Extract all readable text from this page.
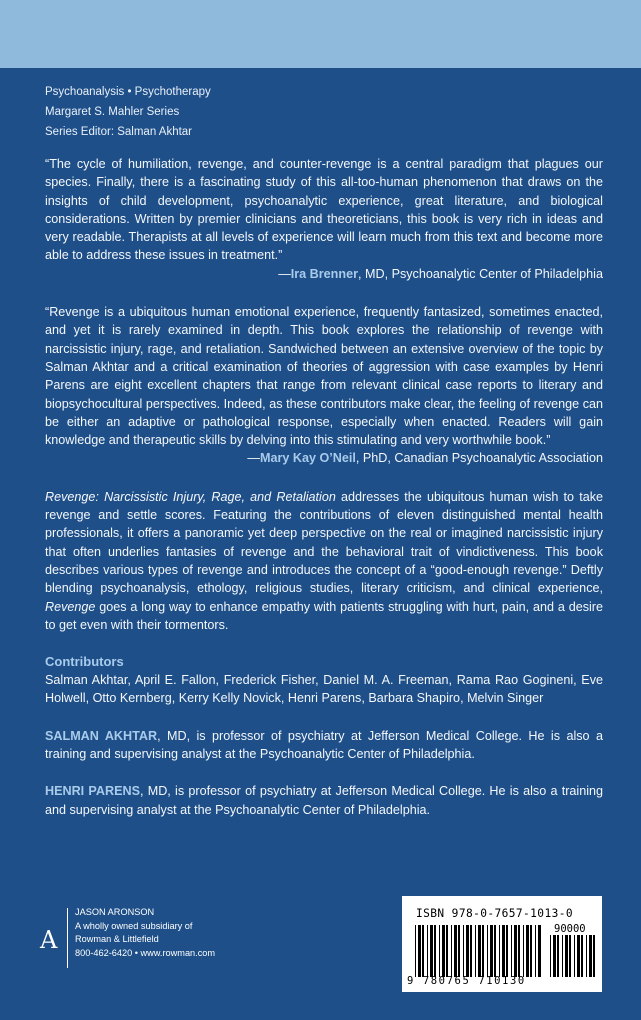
Psychoanalysis • Psychotherapy
Margaret S. Mahler Series
Series Editor: Salman Akhtar

“The cycle of humiliation, revenge, and counter-revenge is a central paradigm that plagues our species. Finally, there is a fascinating study of this all-too-human phenomenon that draws on the insights of child development, psychoanalytic experience, great literature, and biological considerations. Written by premier clinicians and theoreticians, this book is very rich in ideas and very readable. Therapists at all levels of experience will learn much from this text and become more able to address these issues in treatment.”

—Ira Brenner, MD, Psychoanalytic Center of Philadelphia

“Revenge is a ubiquitous human emotional experience, frequently fantasized, sometimes enacted, and yet it is rarely examined in depth. This book explores the relationship of revenge with narcissistic injury, rage, and retaliation. Sandwiched between an extensive overview of the topic by Salman Akhtar and a critical examination of theories of aggression with case examples by Henri Parens are eight excellent chapters that range from relevant clinical case reports to literary and biopsychocultural perspectives. Indeed, as these contributors make clear, the feeling of revenge can be either an adaptive or pathological response, especially when enacted. Readers will gain knowledge and therapeutic skills by delving into this stimulating and very worthwhile book.”

—Mary Kay O’Neil, PhD, Canadian Psychoanalytic Association

Revenge: Narcissistic Injury, Rage, and Retaliation addresses the ubiquitous human wish to take revenge and settle scores. Featuring the contributions of eleven distinguished mental health professionals, it offers a panoramic yet deep perspective on the real or imagined narcissistic injury that often underlies fantasies of revenge and the behavioral trait of vindictiveness. This book describes various types of revenge and introduces the concept of a “good-enough revenge.” Deftly blending psychoanalysis, ethology, religious studies, literary criticism, and clinical experience, Revenge goes a long way to enhance empathy with patients struggling with hurt, pain, and a desire to get even with their tormentors.

Contributors

Salman Akhtar, April E. Fallon, Frederick Fisher, Daniel M. A. Freeman, Rama Rao Gogineni, Eve Holwell, Otto Kernberg, Kerry Kelly Novick, Henri Parens, Barbara Shapiro, Melvin Singer

SALMAN AKHTAR, MD, is professor of psychiatry at Jefferson Medical College. He is also a training and supervising analyst at the Psychoanalytic Center of Philadelphia.

HENRI PARENS, MD, is professor of psychiatry at Jefferson Medical College. He is also a training and supervising analyst at the Psychoanalytic Center of Philadelphia.

A
JASON ARONSON
A wholly owned subsidiary of
Rowman & Littlefield
800-462-6420 • www.rowman.com
ISBN 978-0-7657-1013-0
90000
9 780765 710130
